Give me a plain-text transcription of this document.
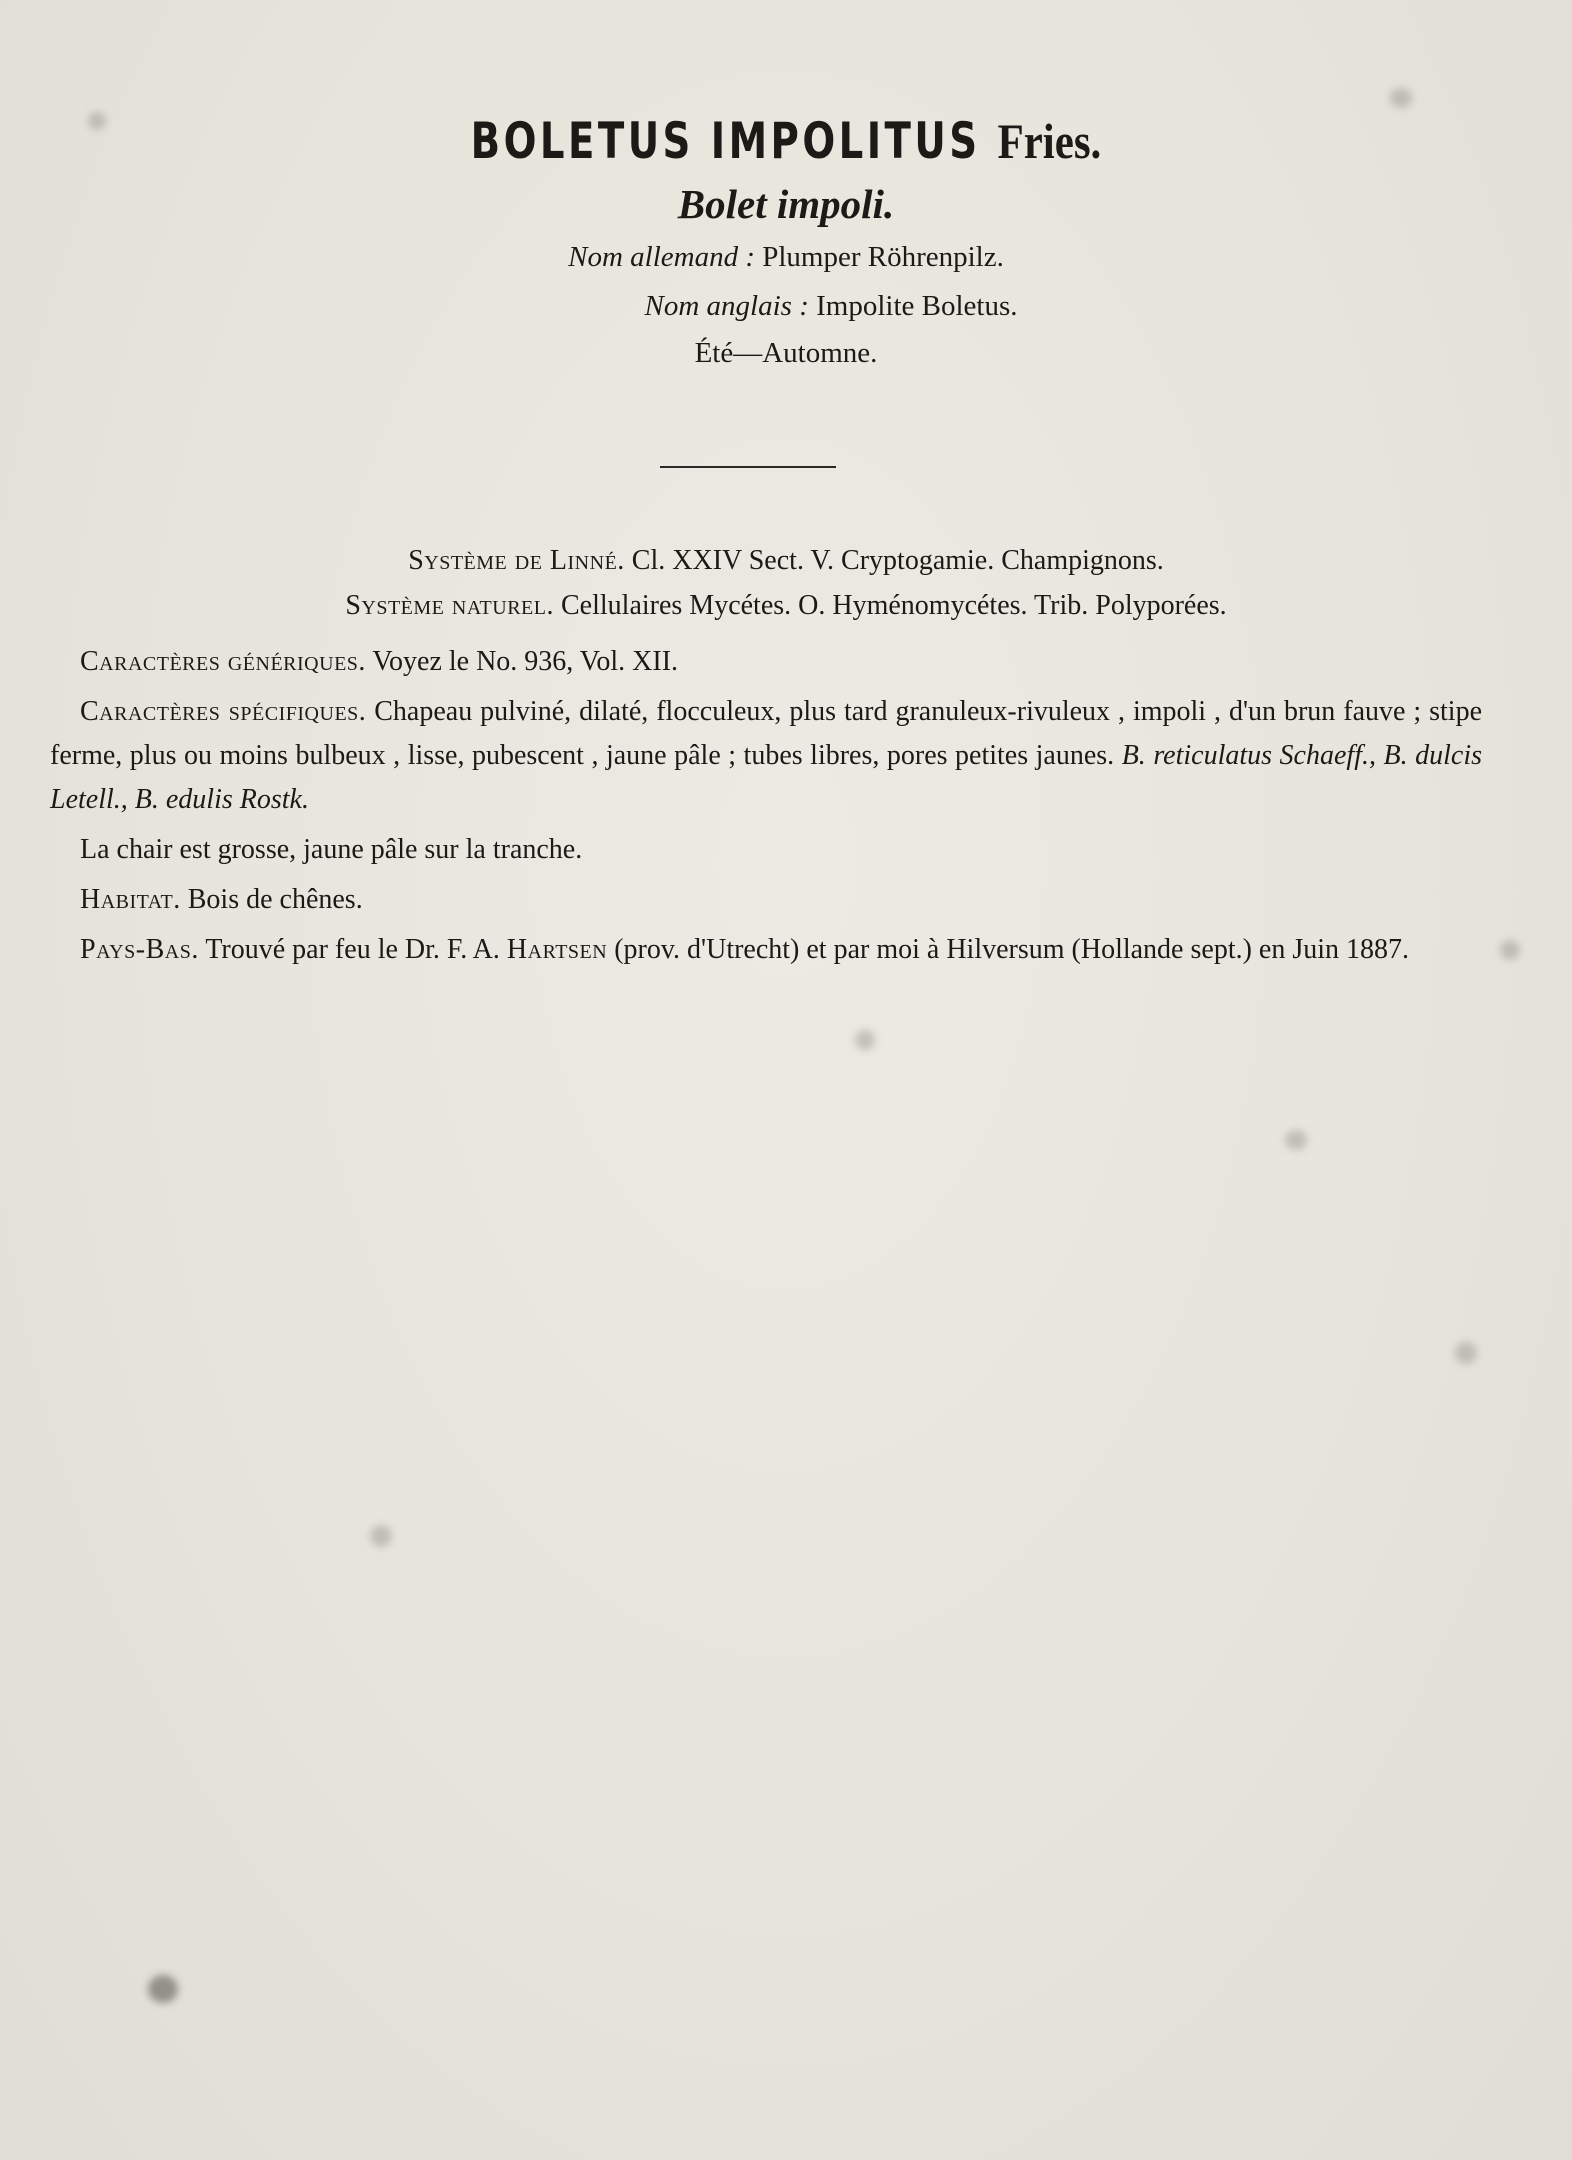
BOLETUS IMPOLITUS Fries.
Bolet impoli.
Nom allemand : Plumper Röhrenpilz.
Nom anglais : Impolite Boletus.
Été—Automne.
Système de Linné. Cl. XXIV Sect. V. Cryptogamie. Champignons.
Système naturel. Cellulaires Mycétes. O. Hyménomycétes. Trib. Polyporées.

Caractères génériques. Voyez le No. 936, Vol. XII.

Caractères spécifiques. Chapeau pulviné, dilaté, flocculeux, plus tard granuleux-rivuleux , impoli , d'un brun fauve ; stipe ferme, plus ou moins bulbeux , lisse, pubescent , jaune pâle ; tubes libres, pores petites jaunes. B. reticulatus Schaeff., B. dulcis Letell., B. edulis Rostk.

La chair est grosse, jaune pâle sur la tranche.

Habitat. Bois de chênes.

Pays-Bas. Trouvé par feu le Dr. F. A. Hartsen (prov. d'Utrecht) et par moi à Hilversum (Hollande sept.) en Juin 1887.
